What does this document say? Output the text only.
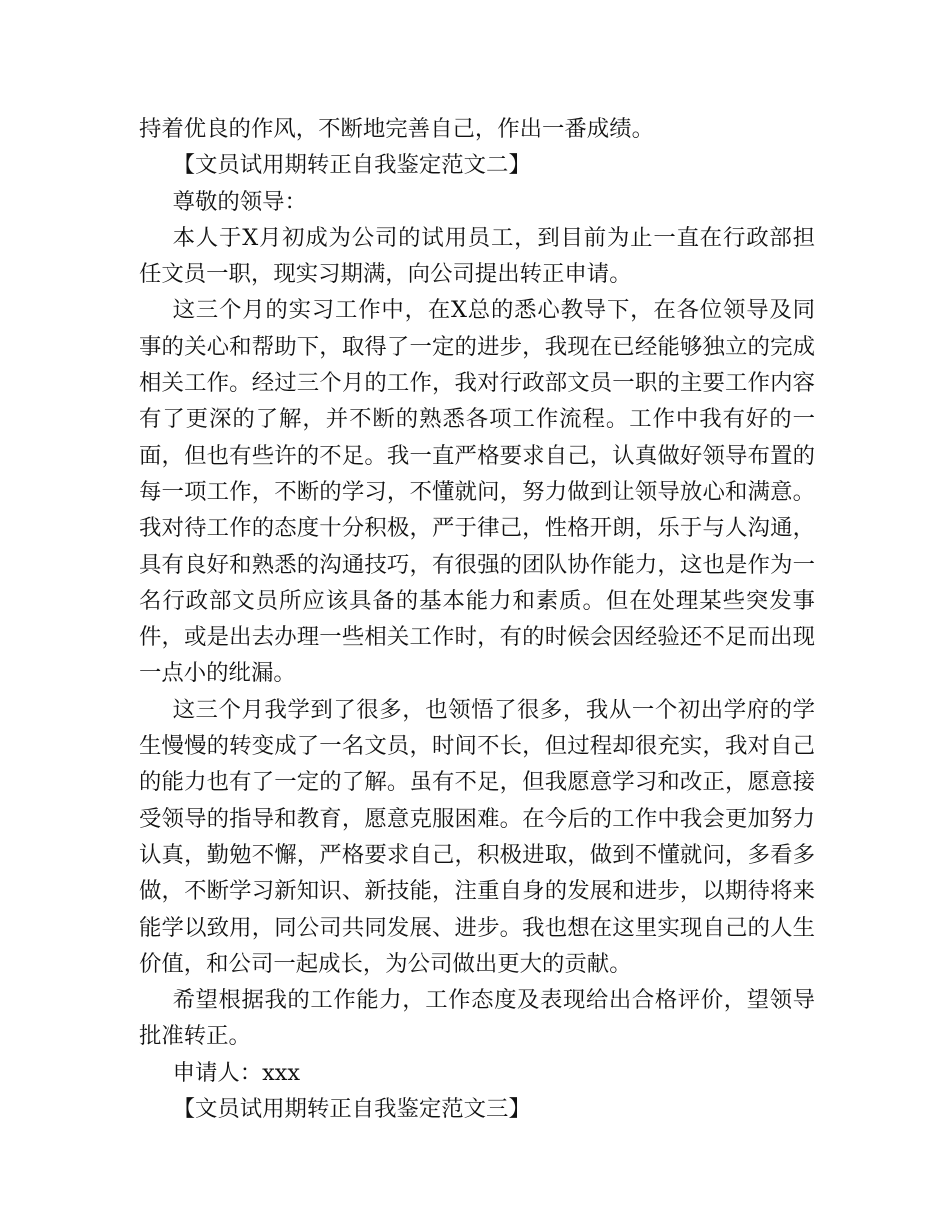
持着优良的作风，不断地完善自己，作出一番成绩。

【文员试用期转正自我鉴定范文二】

尊敬的领导：

本人于X月初成为公司的试用员工，到目前为止一直在行政部担任文员一职，现实习期满，向公司提出转正申请。

这三个月的实习工作中，在X总的悉心教导下，在各位领导及同事的关心和帮助下，取得了一定的进步，我现在已经能够独立的完成相关工作。经过三个月的工作，我对行政部文员一职的主要工作内容有了更深的了解，并不断的熟悉各项工作流程。工作中我有好的一面，但也有些许的不足。我一直严格要求自己，认真做好领导布置的每一项工作，不断的学习，不懂就问，努力做到让领导放心和满意。我对待工作的态度十分积极，严于律己，性格开朗，乐于与人沟通，具有良好和熟悉的沟通技巧，有很强的团队协作能力，这也是作为一名行政部文员所应该具备的基本能力和素质。但在处理某些突发事件，或是出去办理一些相关工作时，有的时候会因经验还不足而出现一点小的纰漏。

这三个月我学到了很多，也领悟了很多，我从一个初出学府的学生慢慢的转变成了一名文员，时间不长，但过程却很充实，我对自己的能力也有了一定的了解。虽有不足，但我愿意学习和改正，愿意接受领导的指导和教育，愿意克服困难。在今后的工作中我会更加努力认真，勤勉不懈，严格要求自己，积极进取，做到不懂就问，多看多做，不断学习新知识、新技能，注重自身的发展和进步，以期待将来能学以致用，同公司共同发展、进步。我也想在这里实现自己的人生价值，和公司一起成长，为公司做出更大的贡献。

希望根据我的工作能力，工作态度及表现给出合格评价，望领导批准转正。

申请人：xxx

【文员试用期转正自我鉴定范文三】
